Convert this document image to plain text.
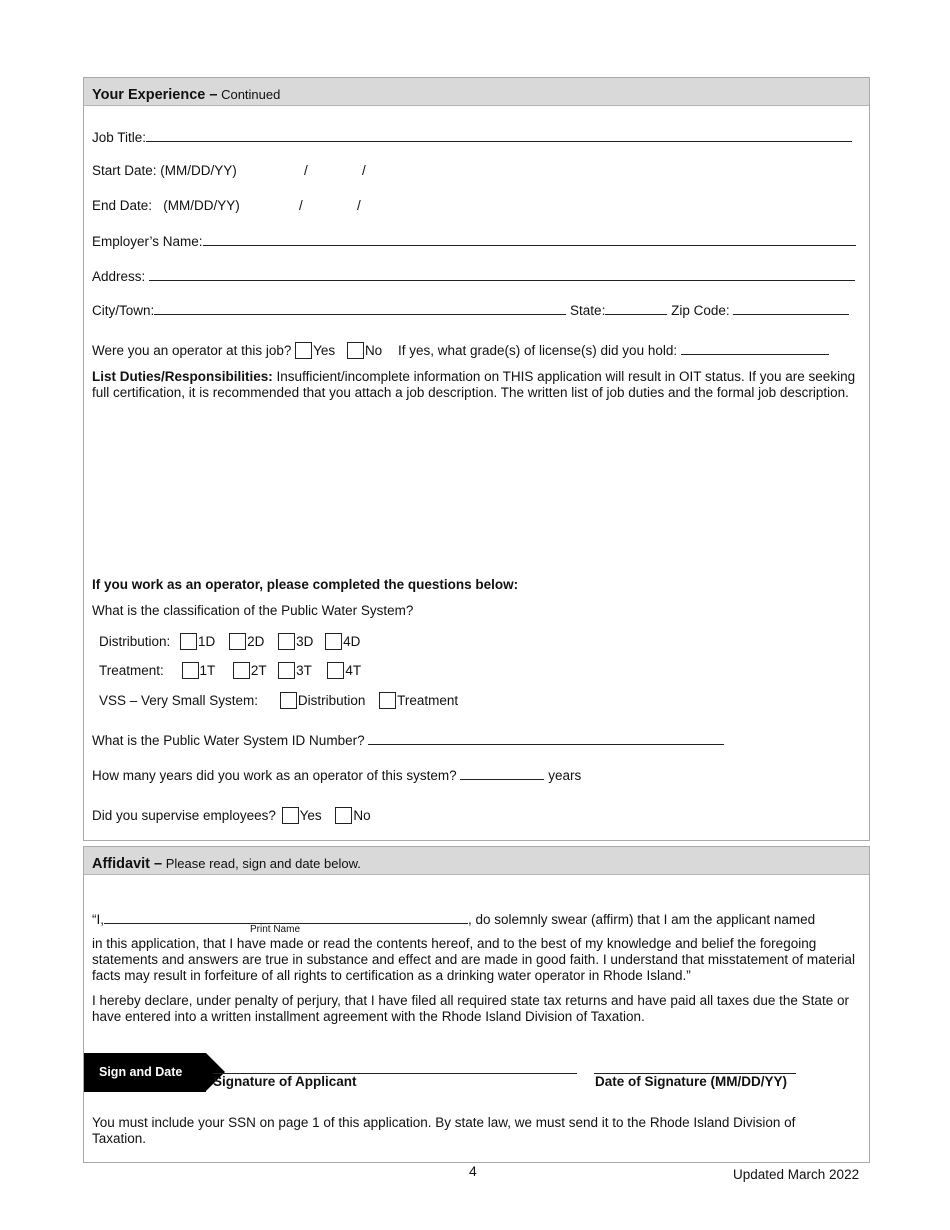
Your Experience – Continued
Job Title:
Start Date: (MM/DD/YY)	/	/
End Date:   (MM/DD/YY)	/	/
Employer’s Name:
Address:
City/Town:	State:	Zip Code:
Were you an operator at this job? Yes No If yes, what grade(s) of license(s) did you hold:
List Duties/Responsibilities: Insufficient/incomplete information on THIS application will result in OIT status. If you are seeking full certification, it is recommended that you attach a job description. The written list of job duties and the formal job description.
If you work as an operator, please completed the questions below:
What is the classification of the Public Water System?
Distribution: 1D 2D 3D 4D
Treatment:	1T	2T 3T	4T
VSS – Very Small System:	Distribution Treatment
What is the Public Water System ID Number?
How many years did you work as an operator of this system?	years
Did you supervise employees? Yes No
Affidavit – Please read, sign and date below.
“I,	, do solemnly swear (affirm) that I am the applicant named
Print Name
in this application, that I have made or read the contents hereof, and to the best of my knowledge and belief the foregoing statements and answers are true in substance and effect and are made in good faith. I understand that misstatement of material facts may result in forfeiture of all rights to certification as a drinking water operator in Rhode Island.”
I hereby declare, under penalty of perjury, that I have filed all required state tax returns and have paid all taxes due the State or have entered into a written installment agreement with the Rhode Island Division of Taxation.
Sign and Date
Signature of Applicant	Date of Signature (MM/DD/YY)
You must include your SSN on page 1 of this application. By state law, we must send it to the Rhode Island Division of Taxation.
4	Updated March 2022
